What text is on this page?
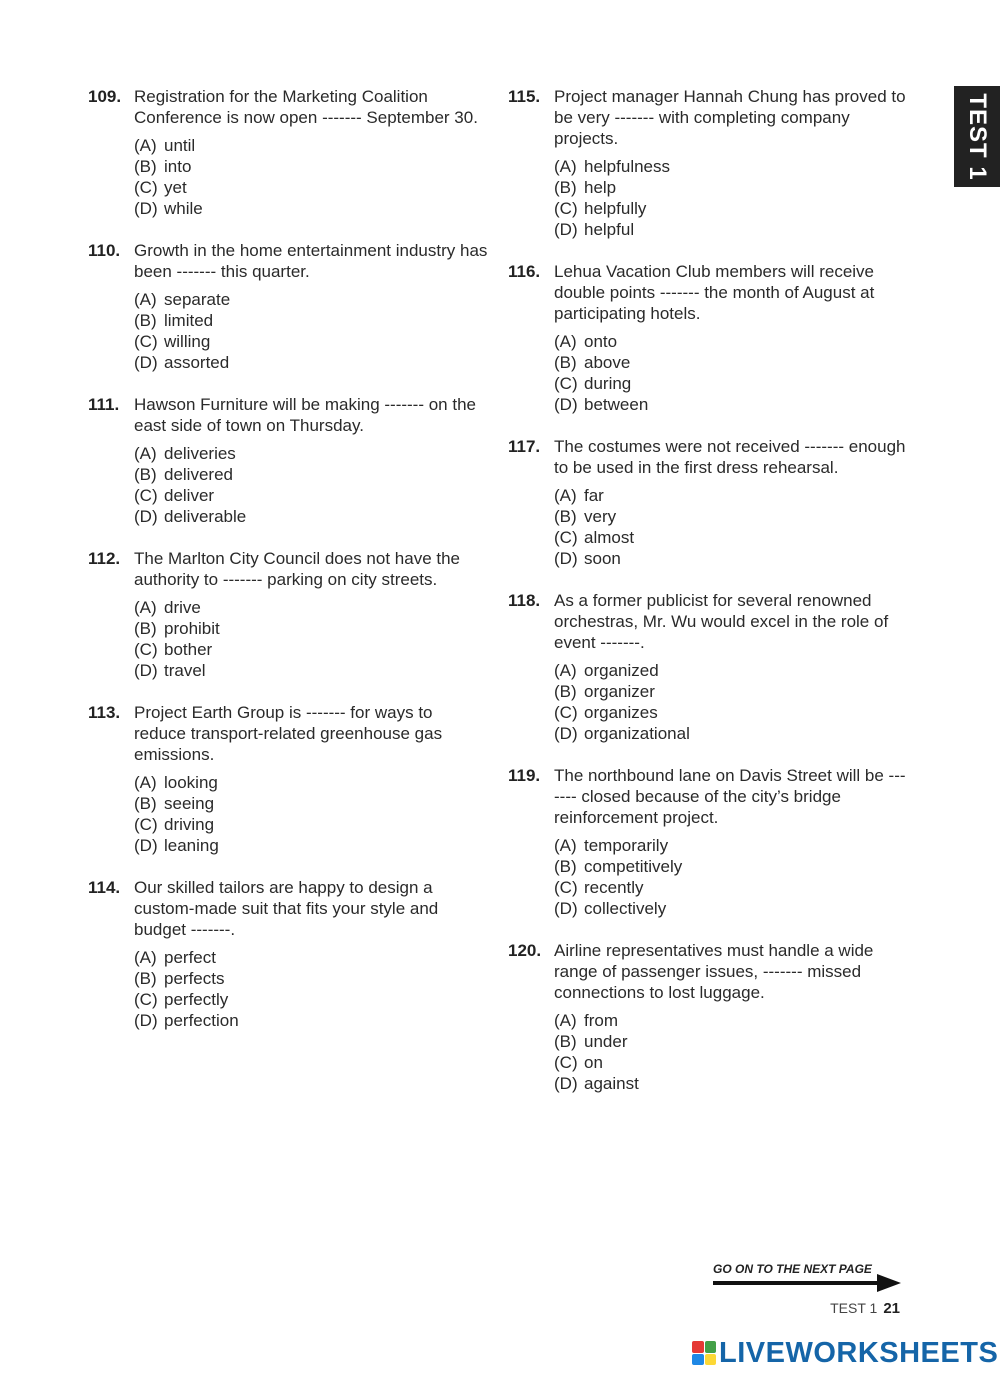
TEST 1
109. Registration for the Marketing Coalition Conference is now open ------- September 30.

(A) until
(B) into
(C) yet
(D) while
110. Growth in the home entertainment industry has been ------- this quarter.

(A) separate
(B) limited
(C) willing
(D) assorted
111. Hawson Furniture will be making ------- on the east side of town on Thursday.

(A) deliveries
(B) delivered
(C) deliver
(D) deliverable
112. The Marlton City Council does not have the authority to ------- parking on city streets.

(A) drive
(B) prohibit
(C) bother
(D) travel
113. Project Earth Group is ------- for ways to reduce transport-related greenhouse gas emissions.

(A) looking
(B) seeing
(C) driving
(D) leaning
114. Our skilled tailors are happy to design a custom-made suit that fits your style and budget -------.

(A) perfect
(B) perfects
(C) perfectly
(D) perfection
115. Project manager Hannah Chung has proved to be very ------- with completing company projects.

(A) helpfulness
(B) help
(C) helpfully
(D) helpful
116. Lehua Vacation Club members will receive double points ------- the month of August at participating hotels.

(A) onto
(B) above
(C) during
(D) between
117. The costumes were not received ------- enough to be used in the first dress rehearsal.

(A) far
(B) very
(C) almost
(D) soon
118. As a former publicist for several renowned orchestras, Mr. Wu would excel in the role of event -------.

(A) organized
(B) organizer
(C) organizes
(D) organizational
119. The northbound lane on Davis Street will be ------- closed because of the city’s bridge reinforcement project.

(A) temporarily
(B) competitively
(C) recently
(D) collectively
120. Airline representatives must handle a wide range of passenger issues, ------- missed connections to lost luggage.

(A) from
(B) under
(C) on
(D) against
GO ON TO THE NEXT PAGE
TEST 1 21
LIVEWORKSHEETS
